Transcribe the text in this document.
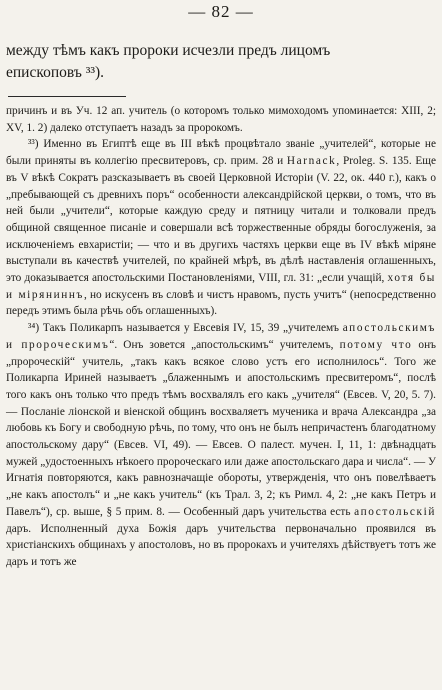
— 82 —
между тѣмъ какъ пророки исчезли предъ лицомъ
епископовъ ³³).

причинъ и въ Уч. 12 ап. учитель (о которомъ только мимоходомъ упоминается: XIII, 2; XV, 1. 2) далеко отступаетъ назадъ за пророкомъ.

³³) Именно въ Египтѣ еще въ III вѣкѣ процвѣтало званіе „учителей“, которые не были приняты въ коллегію пресвитеровъ, ср. прим. 28 и Harnack, Proleg. S. 135. Еще въ V вѣкѣ Сократъ разсказываетъ въ своей Церковной Исторіи (V. 22, ок. 440 г.), какъ о „пребывающей съ древнихъ поръ“ особенности александрійской церкви, о томъ, что въ ней были „учители“, которые каждую среду и пятницу читали и толковали предъ общиной священное писаніе и совершали всѣ торжественные обряды богослуженія, за исключеніемъ евхаристіи; — что и въ другихъ частяхъ церкви еще въ IV вѣкѣ міряне выступали въ качествѣ учителей, по крайней мѣрѣ, въ дѣлѣ наставленія оглашенныхъ, это доказывается апостольскими Постановленіями, VIII, гл. 31: „если учащій, хотя бы и міряниннъ, но искусенъ въ словѣ и чистъ нравомъ, пусть учитъ“ (непосредственно передъ этимъ была рѣчь объ оглашенныхъ).

³⁴) Такъ Поликарпъ называется у Евсевія IV, 15, 39 „учителемъ апостольскимъ и пророческимъ“. Онъ зовется „апостольскимъ“ учителемъ, потому что онъ „пророческій“ учитель, „такъ какъ всякое слово устъ его исполнилось“. Того же Поликарпа Ириней называетъ „блаженнымъ и апостольскимъ пресвитеромъ“, послѣ того какъ онъ только что предъ тѣмъ восхвалялъ его какъ „учителя“ (Евсев. V, 20, 5. 7). — Посланіе ліонской и віенской общинъ восхваляетъ мученика и врача Александра „за любовь къ Богу и свободную рѣчь, по тому, что онъ не былъ непричастенъ благодатному апостольскому дару“ (Евсев. VI, 49). — Евсев. О палест. мучен. I, 11, 1: двѣнадцать мужей „удостоенныхъ нѣкоего пророческаго или даже апостольскаго дара и числа“. — У Игнатія повторяются, какъ равнозначащіе обороты, утвержденія, что онъ повелѣваетъ „не какъ апостолъ“ и „не какъ учитель“ (къ Трал. 3, 2; къ Римл. 4, 2: „не какъ Петръ и Павелъ“), ср. выше, § 5 прим. 8. — Особенный даръ учительства есть апостольскій даръ. Исполненный духа Божія даръ учительства первоначально проявился въ христіанскихъ общинахъ у апостоловъ, но въ пророкахъ и учителяхъ дѣйствуетъ тотъ же даръ и тотъ же
